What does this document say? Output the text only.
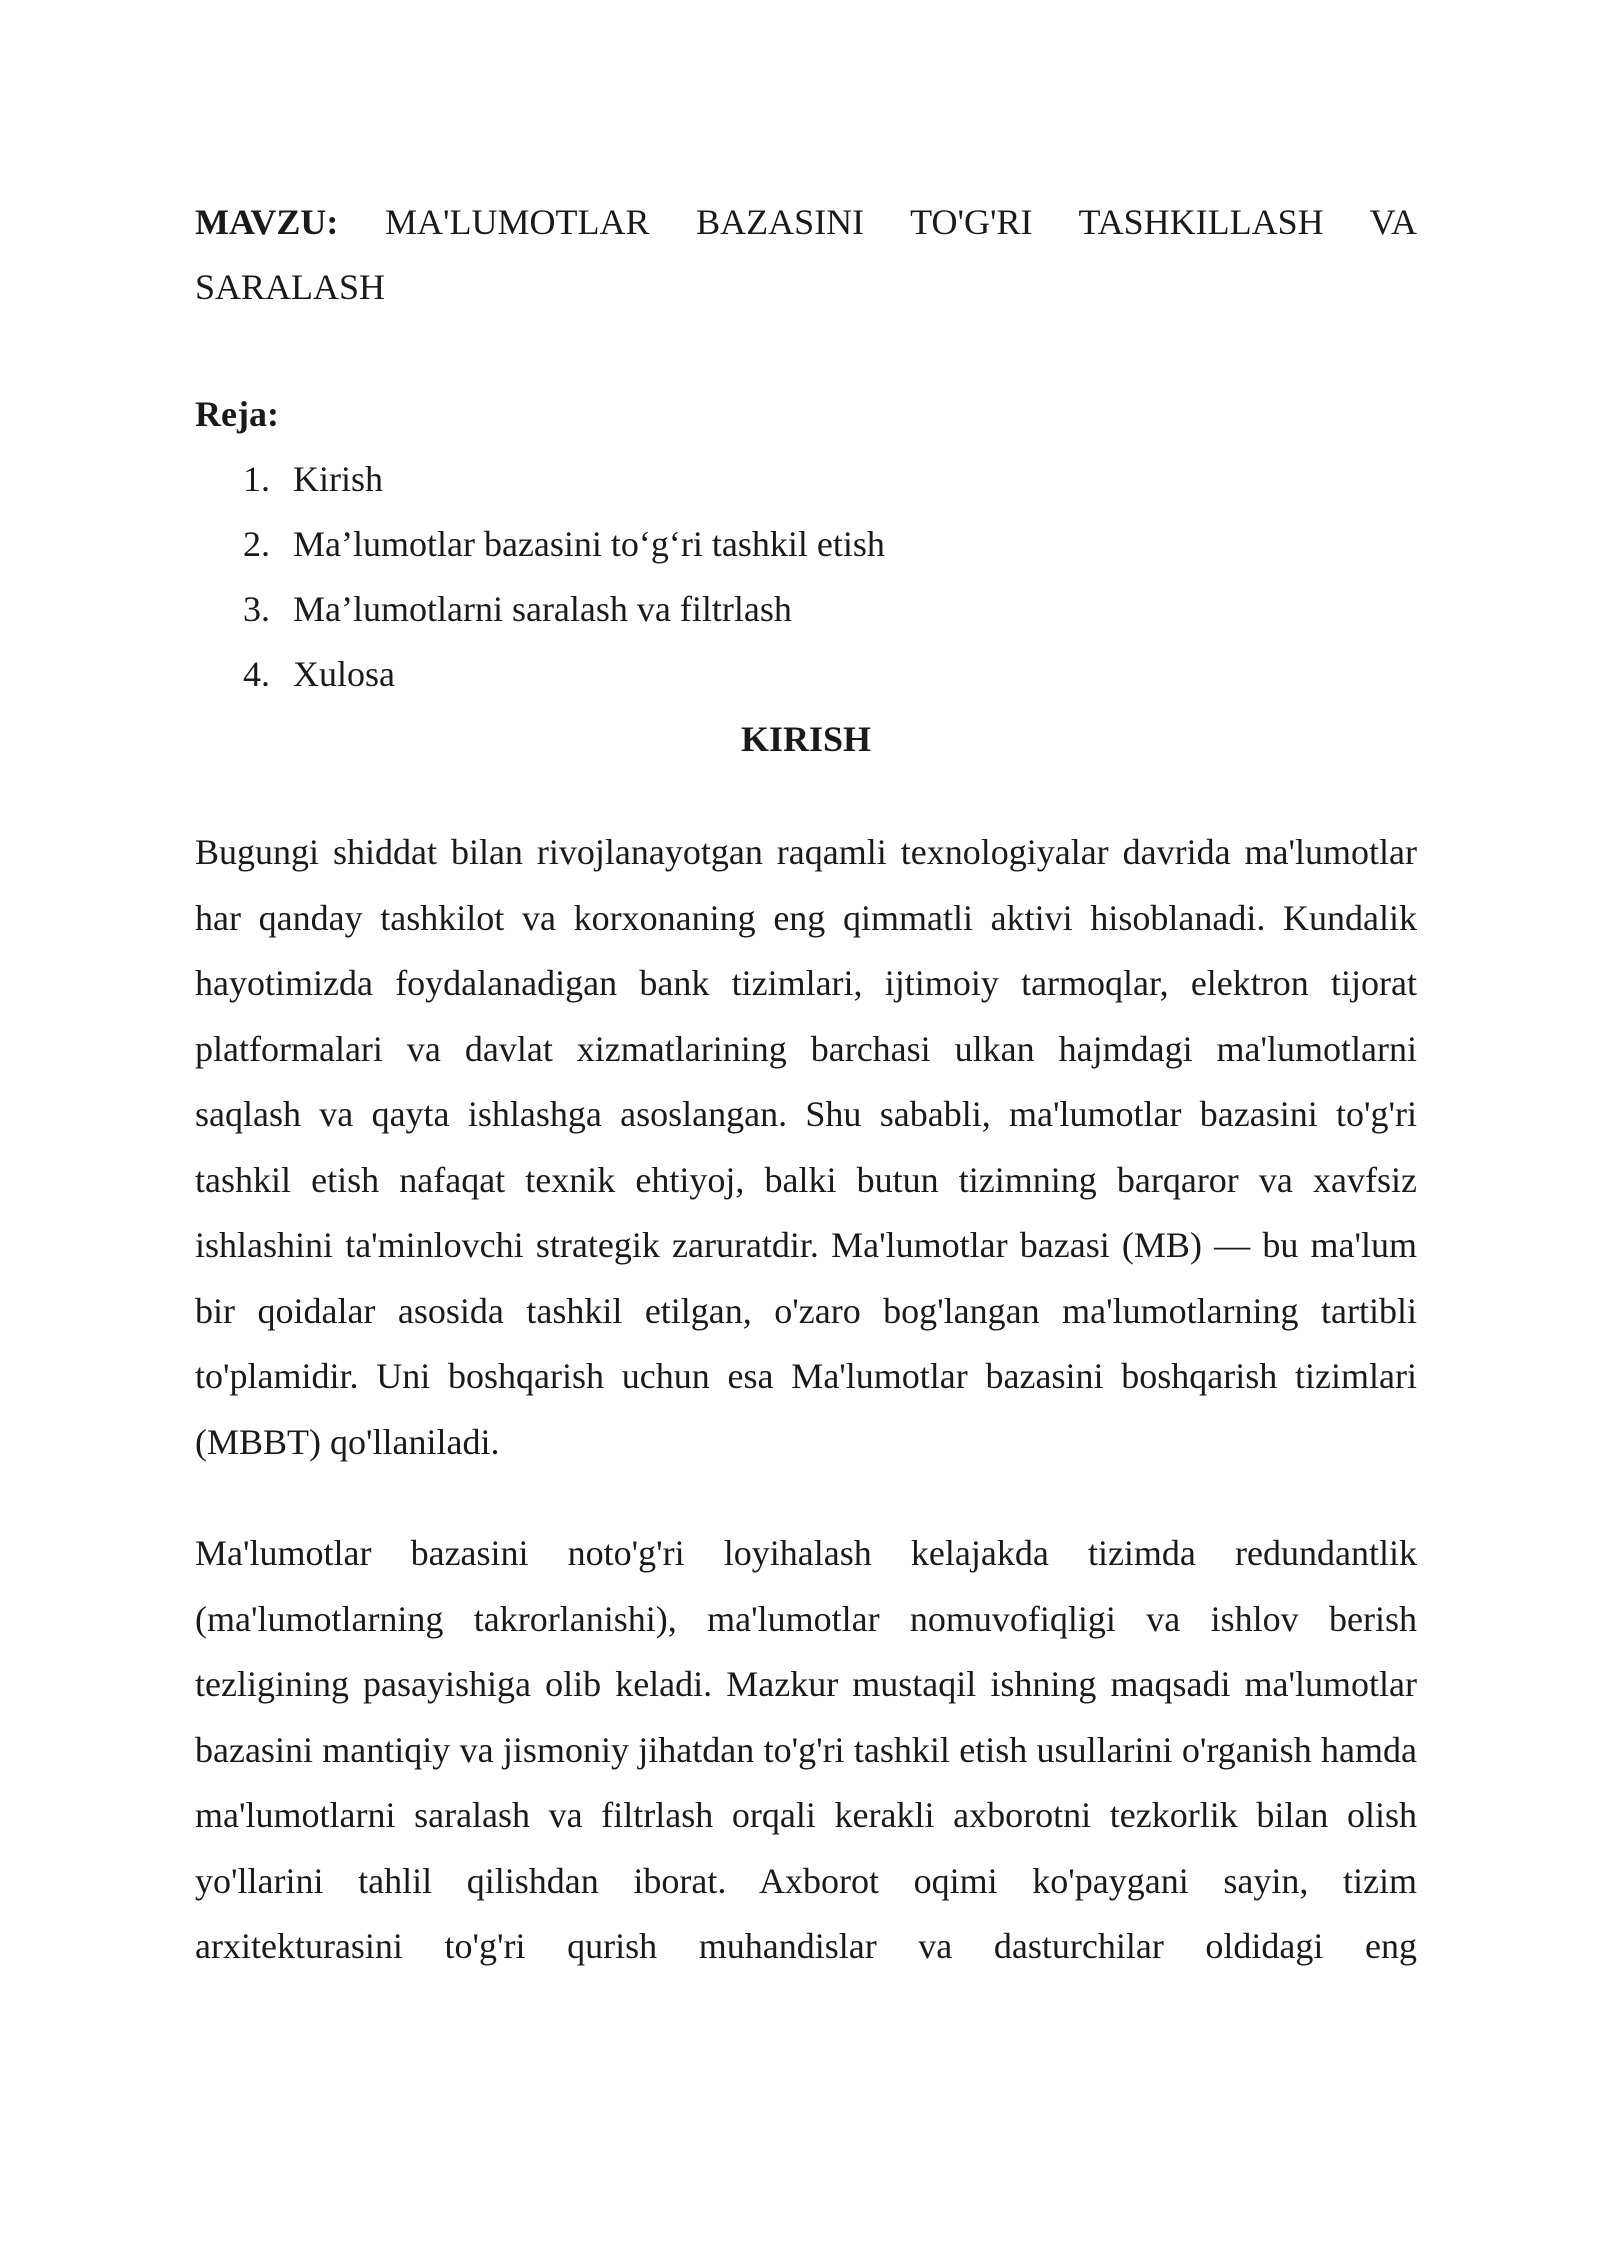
MAVZU: MA'LUMOTLAR BAZASINI TO'G'RI TASHKILLASH VA SARALASH

Reja:

1. Kirish
2. Ma’lumotlar bazasini to‘g‘ri tashkil etish
3. Ma’lumotlarni saralash va filtrlash
4. Xulosa

KIRISH

Bugungi shiddat bilan rivojlanayotgan raqamli texnologiyalar davrida ma'lumotlar har qanday tashkilot va korxonaning eng qimmatli aktivi hisoblanadi. Kundalik hayotimizda foydalanadigan bank tizimlari, ijtimoiy tarmoqlar, elektron tijorat platformalari va davlat xizmatlarining barchasi ulkan hajmdagi ma'lumotlarni saqlash va qayta ishlashga asoslangan. Shu sababli, ma'lumotlar bazasini to'g'ri tashkil etish nafaqat texnik ehtiyoj, balki butun tizimning barqaror va xavfsiz ishlashini ta'minlovchi strategik zaruratdir. Ma'lumotlar bazasi (MB) — bu ma'lum bir qoidalar asosida tashkil etilgan, o'zaro bog'langan ma'lumotlarning tartibli to'plamidir. Uni boshqarish uchun esa Ma'lumotlar bazasini boshqarish tizimlari (MBBT) qo'llaniladi.

Ma'lumotlar bazasini noto'g'ri loyihalash kelajakda tizimda redundantlik (ma'lumotlarning takrorlanishi), ma'lumotlar nomuvofiqligi va ishlov berish tezligining pasayishiga olib keladi. Mazkur mustaqil ishning maqsadi ma'lumotlar bazasini mantiqiy va jismoniy jihatdan to'g'ri tashkil etish usullarini o'rganish hamda ma'lumotlarni saralash va filtrlash orqali kerakli axborotni tezkorlik bilan olish yo'llarini tahlil qilishdan iborat. Axborot oqimi ko'paygani sayin, tizim arxitekturasini to'g'ri qurish muhandislar va dasturchilar oldidagi eng
